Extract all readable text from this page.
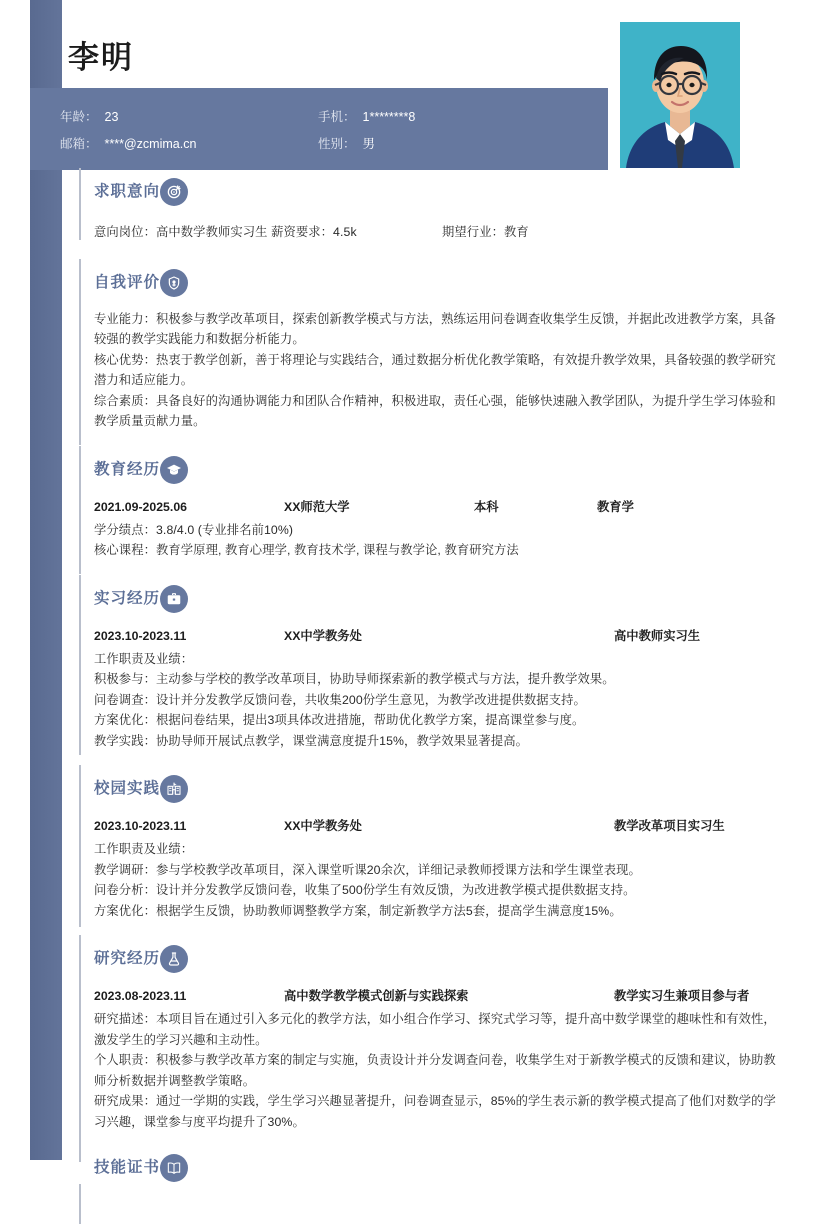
李明
年龄： 23	手机： 1********8
邮箱： ****@zcmima.cn	性别： 男
求职意向
意向岗位：高中数学教师实习生 薪资要求：4.5k	期望行业：教育
自我评价

专业能力：积极参与教学改革项目，探索创新教学模式与方法，熟练运用问卷调查收集学生反馈，并据此改进教学方案，具备较强的教学实践能力和数据分析能力。

核心优势：热衷于教学创新，善于将理论与实践结合，通过数据分析优化教学策略，有效提升教学效果，具备较强的教学研究潜力和适应能力。

综合素质：具备良好的沟通协调能力和团队合作精神，积极进取，责任心强，能够快速融入教学团队，为提升学生学习体验和教学质量贡献力量。

教育经历
2021.09-2025.06	XX师范大学	本科	教育学
学分绩点：3.8/4.0 (专业排名前10%)
核心课程：教育学原理, 教育心理学, 教育技术学, 课程与教学论, 教育研究方法
实习经历
2023.10-2023.11	XX中学教务处	高中教师实习生
工作职责及业绩：
积极参与：主动参与学校的教学改革项目，协助导师探索新的教学模式与方法，提升教学效果。
问卷调查：设计并分发教学反馈问卷，共收集200份学生意见，为教学改进提供数据支持。
方案优化：根据问卷结果，提出3项具体改进措施，帮助优化教学方案，提高课堂参与度。
教学实践：协助导师开展试点教学，课堂满意度提升15%，教学效果显著提高。
校园实践
2023.10-2023.11	XX中学教务处	教学改革项目实习生
工作职责及业绩：
教学调研：参与学校教学改革项目，深入课堂听课20余次，详细记录教师授课方法和学生课堂表现。
问卷分析：设计并分发教学反馈问卷，收集了500份学生有效反馈，为改进教学模式提供数据支持。
方案优化：根据学生反馈，协助教师调整教学方案，制定新教学方法5套，提高学生满意度15%。
研究经历
2023.08-2023.11	高中数学教学模式创新与实践探索	教学实习生兼项目参与者

研究描述：本项目旨在通过引入多元化的教学方法，如小组合作学习、探究式学习等，提升高中数学课堂的趣味性和有效性，激发学生的学习兴趣和主动性。

个人职责：积极参与教学改革方案的制定与实施，负责设计并分发调查问卷，收集学生对于新教学模式的反馈和建议，协助教师分析数据并调整教学策略。

研究成果：通过一学期的实践，学生学习兴趣显著提升，问卷调查显示，85%的学生表示新的教学模式提高了他们对数学的学习兴趣，课堂参与度平均提升了30%。

技能证书
